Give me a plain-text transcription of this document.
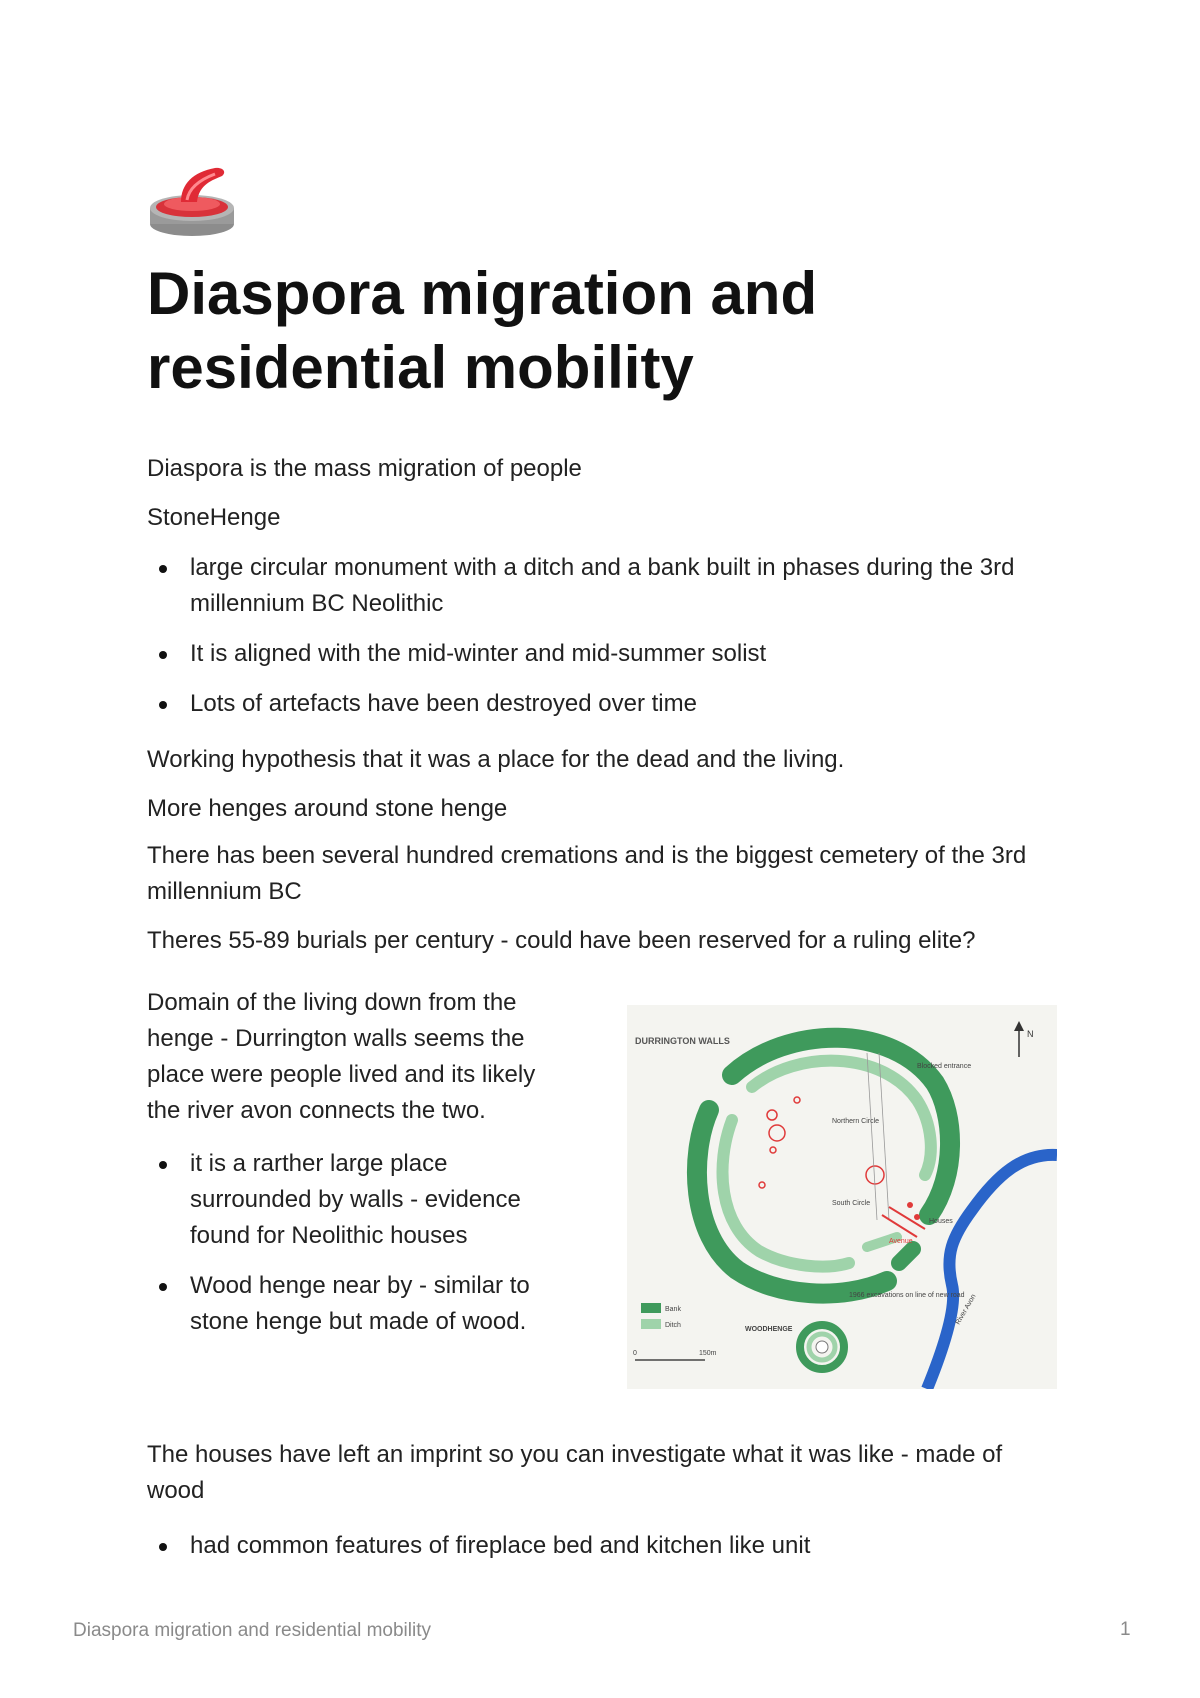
Diaspora migration and residential mobility

Diaspora is the mass migration of people

StoneHenge

large circular monument with a ditch and a bank built in phases during the 3rd millennium BC Neolithic
It is aligned with the mid-winter and mid-summer solist
Lots of artefacts have been destroyed over time

Working hypothesis that it was a place for the dead and the living.

More henges around stone henge

There has been several hundred cremations and is the biggest cemetery of the 3rd millennium BC

Theres 55-89 burials per century - could have been reserved for a ruling elite?

Domain of the living down from the henge - Durrington walls seems the place were people lived and its likely the river avon connects the two.

it is a rarther large place surrounded by walls - evidence found for Neolithic houses
Wood henge near by - similar to stone henge but made of wood.
DURRINGTON WALLS
N
Blocked entrance
Northern Circle
South Circle
Houses
Avenue
1966 excavations on line of new road
River Avon
WOODHENGE
Bank
Ditch
0	150m

The houses have left an imprint so you can investigate what it was like - made of wood

had common features of fireplace bed and kitchen like unit
Diaspora migration and residential mobility	1
